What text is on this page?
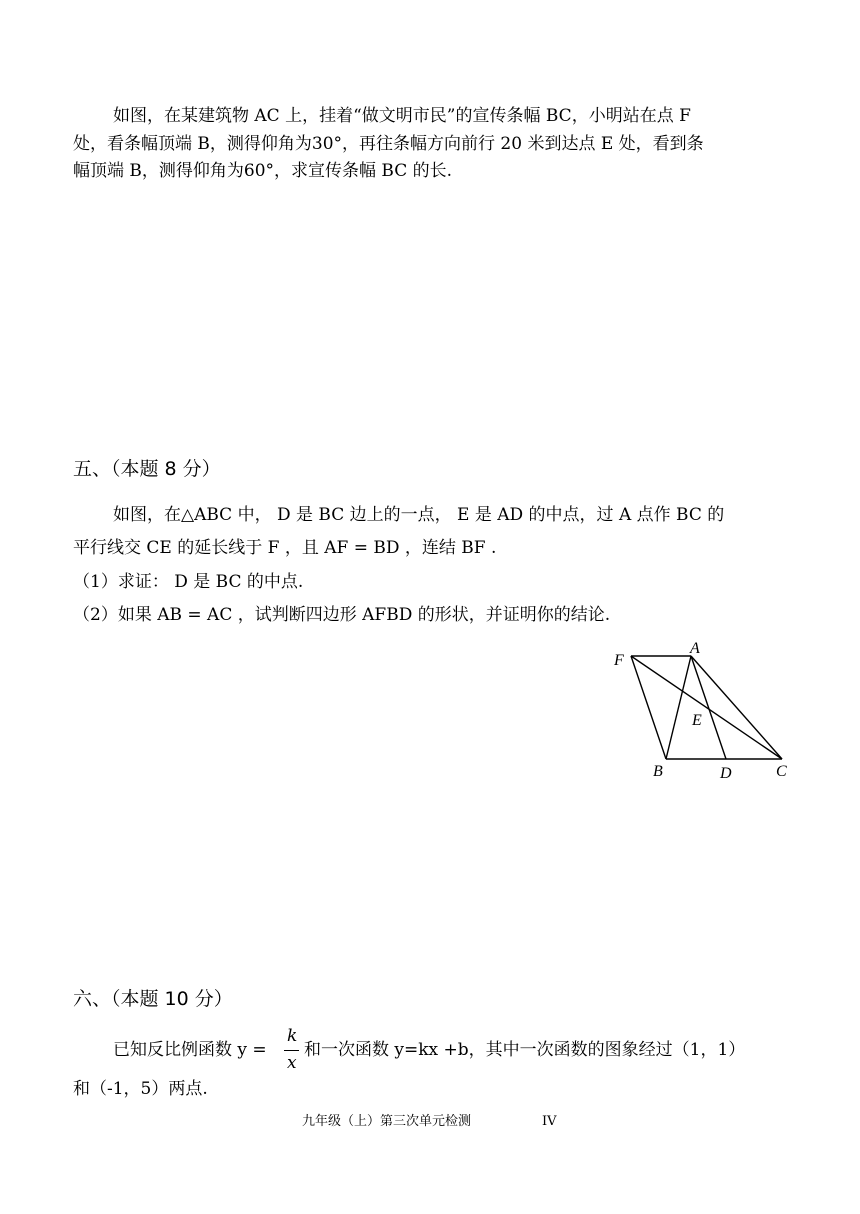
如图，在某建筑物 AC 上，挂着“做文明市民”的宣传条幅 BC，小明站在点 F
处，看条幅顶端 B，测得仰角为30°，再往条幅方向前行 20 米到达点 E 处，看到条
幅顶端 B，测得仰角为60°，求宣传条幅 BC 的长.
五、（本题 8 分）
如图，在△ABC 中， D 是 BC 边上的一点， E 是 AD 的中点，过 A 点作 BC 的
平行线交 CE 的延长线于 F ，且 AF = BD ，连结 BF .
（1）求证： D 是 BC 的中点.
（2）如果 AB = AC ，试判断四边形 AFBD 的形状，并证明你的结论.
A
F
E
B	D	C
六、（本题 10 分）
已知反比例函数 y =
k
x
和一次函数 y=kx +b，其中一次函数的图象经过（1，1）
和（-1，5）两点.
九年级（上）第三次单元检测	IV
